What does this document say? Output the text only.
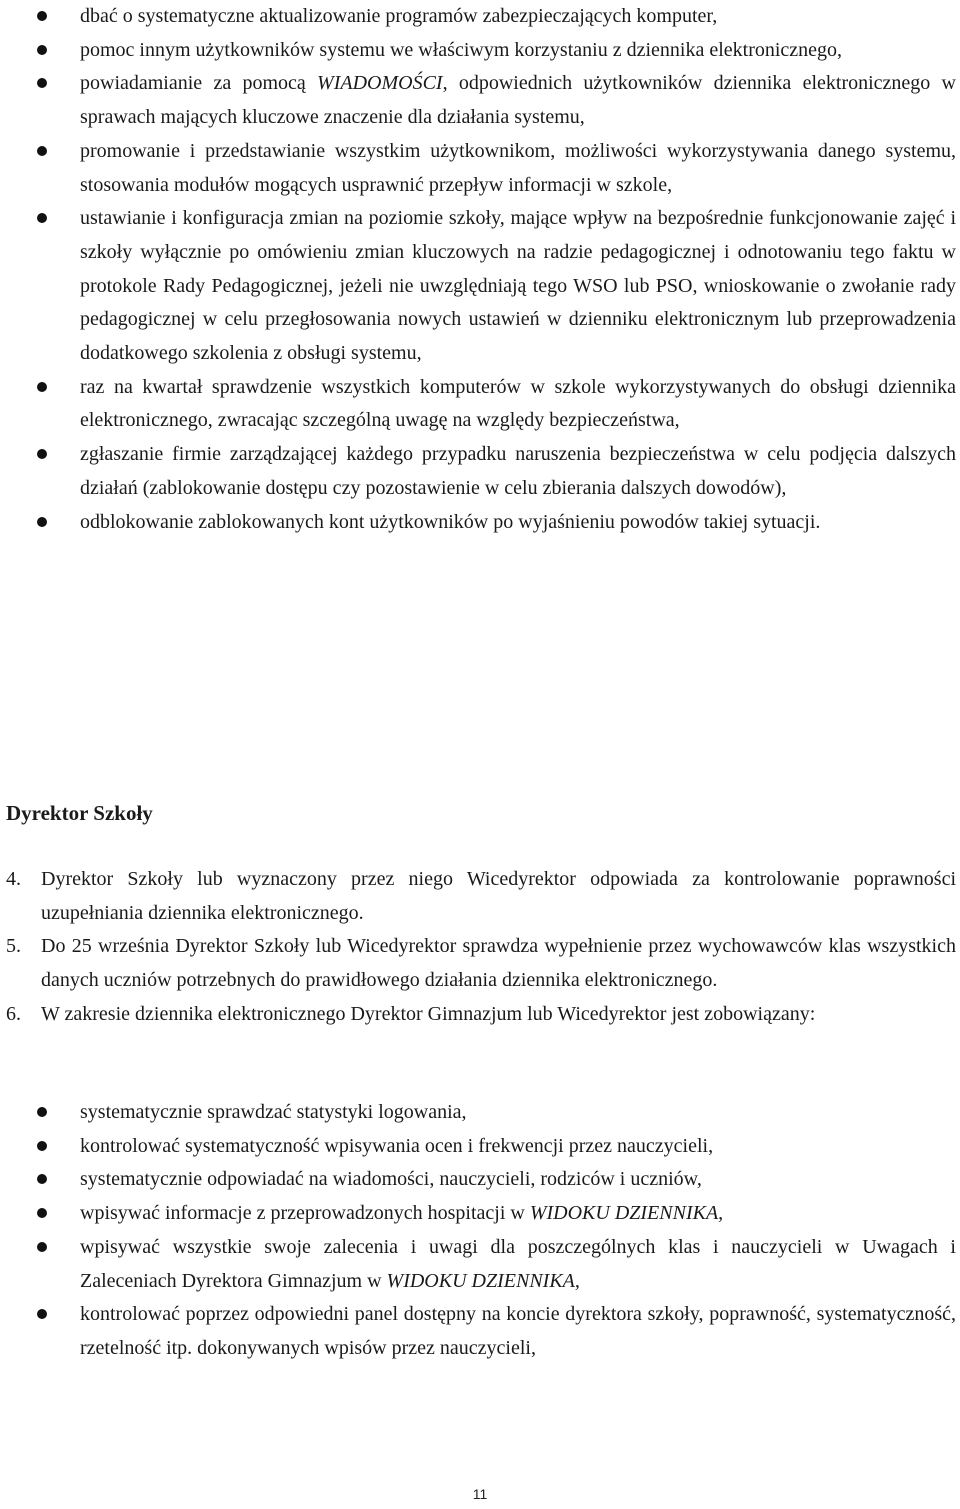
dbać o systematyczne aktualizowanie programów zabezpieczających komputer,
pomoc innym użytkowników systemu we właściwym korzystaniu z dziennika elektronicznego,
powiadamianie za pomocą WIADOMOŚCI, odpowiednich użytkowników dziennika elektronicznego w sprawach mających kluczowe znaczenie dla działania systemu,
promowanie i przedstawianie wszystkim użytkownikom, możliwości wykorzystywania danego systemu, stosowania modułów mogących usprawnić przepływ informacji w szkole,
ustawianie i konfiguracja zmian na poziomie szkoły, mające wpływ na bezpośrednie funkcjonowanie zajęć i szkoły wyłącznie po omówieniu zmian kluczowych na radzie pedagogicznej i odnotowaniu tego faktu w protokole Rady Pedagogicznej, jeżeli nie uwzględniają tego WSO lub PSO, wnioskowanie o zwołanie rady pedagogicznej w celu przegłosowania nowych ustawień w dzienniku elektronicznym lub przeprowadzenia dodatkowego szkolenia z obsługi systemu,
raz na kwartał sprawdzenie wszystkich komputerów w szkole wykorzystywanych do obsługi dziennika elektronicznego, zwracając szczególną uwagę na względy bezpieczeństwa,
zgłaszanie firmie zarządzającej każdego przypadku naruszenia bezpieczeństwa w celu podjęcia dalszych działań (zablokowanie dostępu czy pozostawienie w celu zbierania dalszych dowodów),
odblokowanie zablokowanych kont użytkowników po wyjaśnieniu powodów takiej sytuacji.
Dyrektor Szkoły
4. Dyrektor Szkoły lub wyznaczony przez niego Wicedyrektor odpowiada za kontrolowanie poprawności uzupełniania dziennika elektronicznego.
5. Do 25 września Dyrektor Szkoły lub Wicedyrektor sprawdza wypełnienie przez wychowawców klas wszystkich danych uczniów potrzebnych do prawidłowego działania dziennika elektronicznego.
6. W zakresie dziennika elektronicznego Dyrektor Gimnazjum lub Wicedyrektor jest zobowiązany:
systematycznie sprawdzać statystyki logowania,
kontrolować systematyczność wpisywania ocen i frekwencji przez nauczycieli,
systematycznie odpowiadać na wiadomości, nauczycieli, rodziców i uczniów,
wpisywać informacje z przeprowadzonych hospitacji w WIDOKU DZIENNIKA,
wpisywać wszystkie swoje zalecenia i uwagi dla poszczególnych klas i nauczycieli w Uwagach i Zaleceniach Dyrektora Gimnazjum w WIDOKU DZIENNIKA,
kontrolować poprzez odpowiedni panel dostępny na koncie dyrektora szkoły, poprawność, systematyczność, rzetelność itp. dokonywanych wpisów przez nauczycieli,
11
